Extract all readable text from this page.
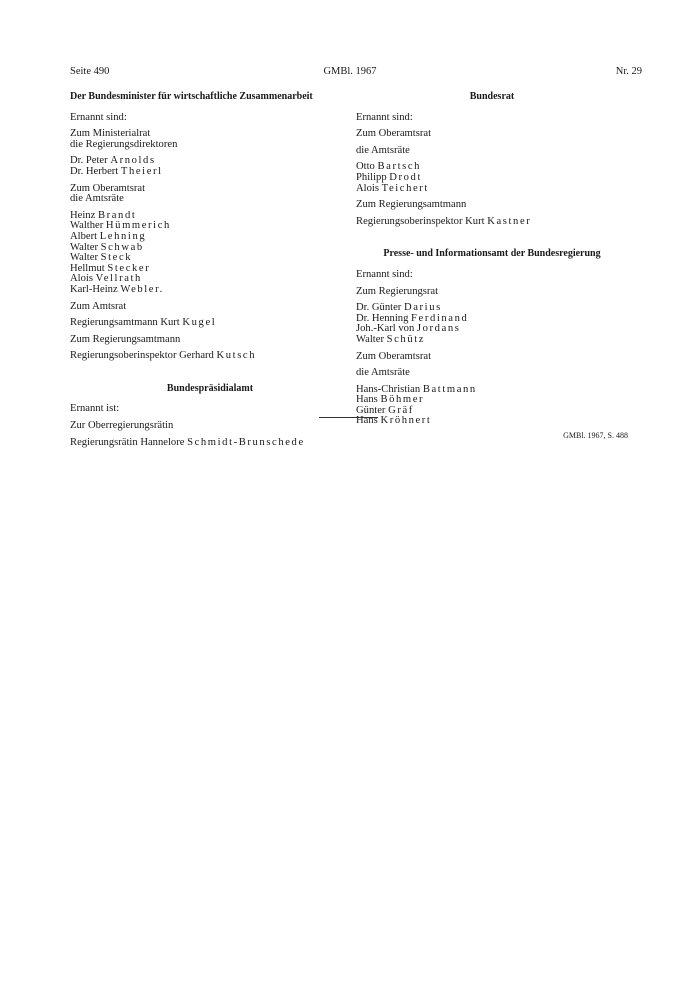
Seite 490	GMBl. 1967	Nr. 29
Der Bundesminister für wirtschaftliche Zusammenarbeit
Ernannt sind:
Zum Ministerialrat
die Regierungsdirektoren
Dr. Peter Arnolds
Dr. Herbert Theierl
Zum Oberamtsrat
die Amtsräte
Heinz Brandt
Walther Hümmerich
Albert Lehning
Walter Schwab
Walter Steck
Hellmut Stecker
Alois Vellrath
Karl-Heinz Webler.
Zum Amtsrat
Regierungsamtmann Kurt Kugel
Zum Regierungsamtmann
Regierungsoberinspektor Gerhard Kutsch
Bundespräsidialamt
Ernannt ist:
Zur Oberregierungsrätin
Regierungsrätin Hannelore Schmidt-Brunschede
Bundesrat
Ernannt sind:
Zum Oberamtsrat
die Amtsräte
Otto Bartsch
Philipp Drodt
Alois Teichert
Zum Regierungsamtmann
Regierungsoberinspektor Kurt Kastner
Presse- und Informationsamt der Bundesregierung
Ernannt sind:
Zum Regierungsrat
Dr. Günter Darius
Dr. Henning Ferdinand
Joh.-Karl von Jordans
Walter Schütz
Zum Oberamtsrat
die Amtsräte
Hans-Christian Battmann
Hans Böhmer
Günter Gräf
Hans Kröhnert
GMBl. 1967, S. 488
